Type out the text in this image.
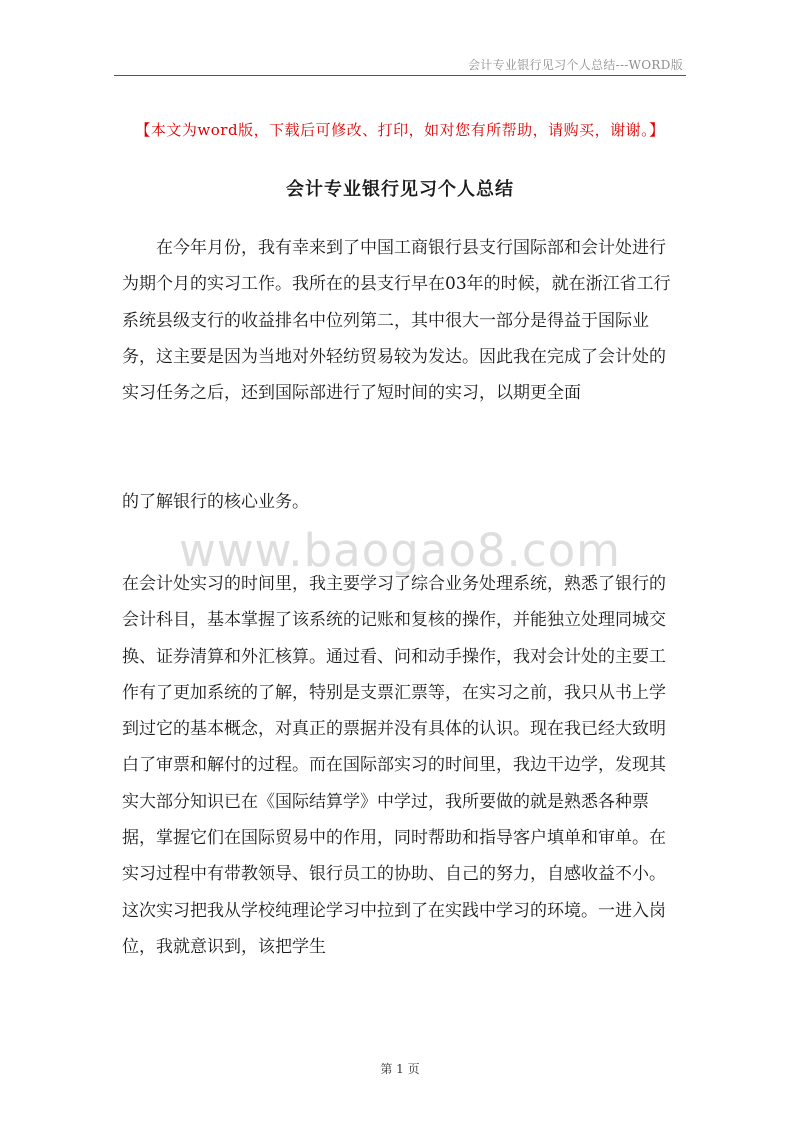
会计专业银行见习个人总结---WORD版
【本文为word版，下载后可修改、打印，如对您有所帮助，请购买，谢谢。】
会计专业银行见习个人总结

在今年月份，我有幸来到了中国工商银行县支行国际部和会计处进行为期个月的实习工作。我所在的县支行早在03年的时候，就在浙江省工行系统县级支行的收益排名中位列第二，其中很大一部分是得益于国际业务，这主要是因为当地对外轻纺贸易较为发达。因此我在完成了会计处的实习任务之后，还到国际部进行了短时间的实习，以期更全面

的了解银行的核心业务。

www.baogao8.com

在会计处实习的时间里，我主要学习了综合业务处理系统，熟悉了银行的会计科目，基本掌握了该系统的记账和复核的操作，并能独立处理同城交换、证券清算和外汇核算。通过看、问和动手操作，我对会计处的主要工作有了更加系统的了解，特别是支票汇票等，在实习之前，我只从书上学到过它的基本概念，对真正的票据并没有具体的认识。现在我已经大致明白了审票和解付的过程。而在国际部实习的时间里，我边干边学，发现其实大部分知识已在《国际结算学》中学过，我所要做的就是熟悉各种票据，掌握它们在国际贸易中的作用，同时帮助和指导客户填单和审单。在实习过程中有带教领导、银行员工的协助、自己的努力，自感收益不小。这次实习把我从学校纯理论学习中拉到了在实践中学习的环境。一进入岗位，我就意识到，该把学生

第 1 页
